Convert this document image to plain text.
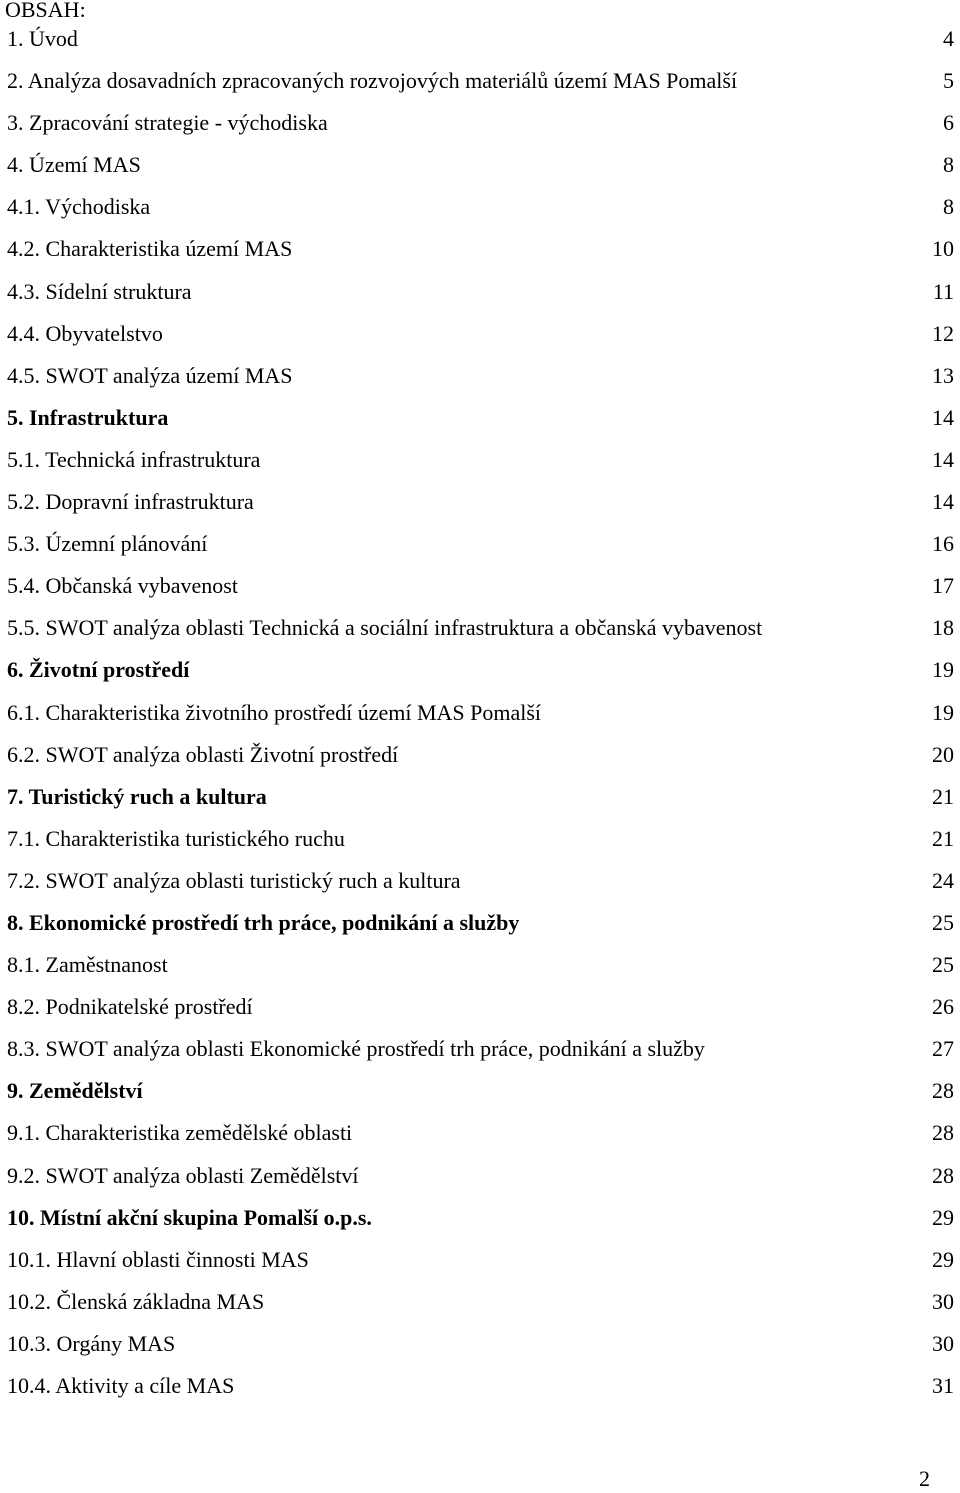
OBSAH:
1. Úvod	4
2. Analýza dosavadních zpracovaných rozvojových materiálů území MAS Pomalší	5
3. Zpracování strategie - východiska	6
4. Území MAS	8
4.1. Východiska	8
4.2. Charakteristika území MAS	10
4.3. Sídelní struktura	11
4.4. Obyvatelstvo	12
4.5. SWOT analýza území MAS	13
5. Infrastruktura	14
5.1. Technická infrastruktura	14
5.2. Dopravní infrastruktura	14
5.3. Územní plánování	16
5.4. Občanská vybavenost	17
5.5. SWOT analýza oblasti Technická a sociální infrastruktura a občanská vybavenost	18
6. Životní prostředí	19
6.1. Charakteristika životního prostředí území MAS Pomalší	19
6.2. SWOT analýza oblasti Životní prostředí	20
7. Turistický ruch a kultura	21
7.1. Charakteristika turistického ruchu	21
7.2. SWOT analýza oblasti turistický ruch a kultura	24
8. Ekonomické prostředí trh práce, podnikání a služby	25
8.1. Zaměstnanost	25
8.2. Podnikatelské prostředí	26
8.3. SWOT analýza oblasti Ekonomické prostředí trh práce, podnikání a služby	27
9. Zemědělství	28
9.1. Charakteristika zemědělské oblasti	28
9.2. SWOT analýza oblasti Zemědělství	28
10. Místní akční skupina Pomalší o.p.s.	29
10.1. Hlavní oblasti činnosti MAS	29
10.2. Členská základna MAS	30
10.3. Orgány MAS	30
10.4. Aktivity a cíle MAS	31
2
